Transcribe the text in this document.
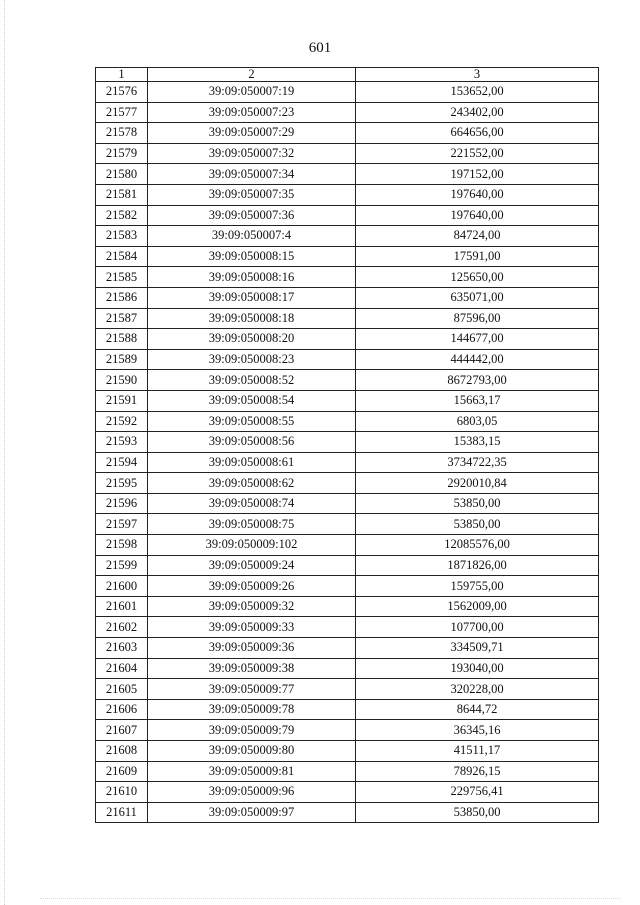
601
1	2	3
21576	39:09:050007:19	153652,00
21577	39:09:050007:23	243402,00
21578	39:09:050007:29	664656,00
21579	39:09:050007:32	221552,00
21580	39:09:050007:34	197152,00
21581	39:09:050007:35	197640,00
21582	39:09:050007:36	197640,00
21583	39:09:050007:4	84724,00
21584	39:09:050008:15	17591,00
21585	39:09:050008:16	125650,00
21586	39:09:050008:17	635071,00
21587	39:09:050008:18	87596,00
21588	39:09:050008:20	144677,00
21589	39:09:050008:23	444442,00
21590	39:09:050008:52	8672793,00
21591	39:09:050008:54	15663,17
21592	39:09:050008:55	6803,05
21593	39:09:050008:56	15383,15
21594	39:09:050008:61	3734722,35
21595	39:09:050008:62	2920010,84
21596	39:09:050008:74	53850,00
21597	39:09:050008:75	53850,00
21598	39:09:050009:102	12085576,00
21599	39:09:050009:24	1871826,00
21600	39:09:050009:26	159755,00
21601	39:09:050009:32	1562009,00
21602	39:09:050009:33	107700,00
21603	39:09:050009:36	334509,71
21604	39:09:050009:38	193040,00
21605	39:09:050009:77	320228,00
21606	39:09:050009:78	8644,72
21607	39:09:050009:79	36345,16
21608	39:09:050009:80	41511,17
21609	39:09:050009:81	78926,15
21610	39:09:050009:96	229756,41
21611	39:09:050009:97	53850,00
